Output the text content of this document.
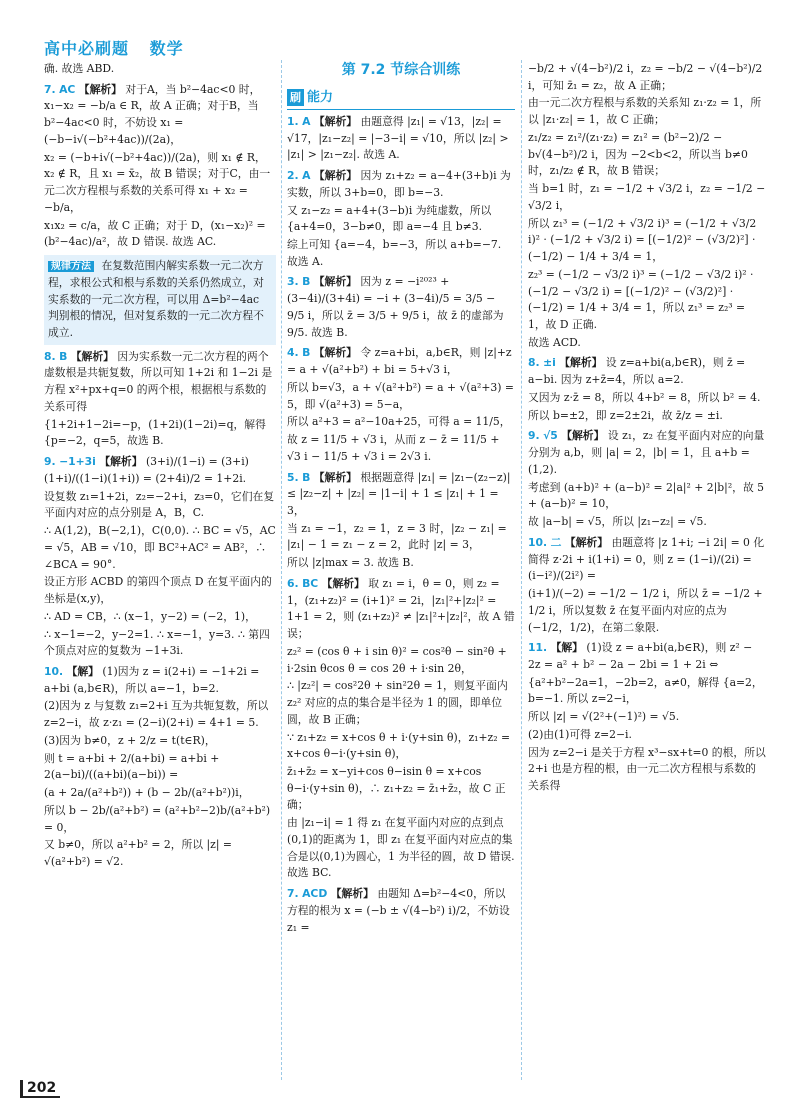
高中必刷题 数学

确. 故选 ABD.

7. AC 【解析】 对于A，当 b²−4ac<0 时，x₁−x₂ = −b/a ∈ R，故 A 正确；对于B，当 b²−4ac<0 时，不妨设 x₁ = (−b−i√(−b²+4ac))/(2a)，

x₂ = (−b+i√(−b²+4ac))/(2a)，则 x₁ ∉ R，x₂ ∉ R，且 x₁ = x̄₂，故 B 错误；对于C，由一元二次方程根与系数的关系可得 x₁ + x₂ = −b/a，

x₁x₂ = c/a，故 C 正确；对于 D，(x₁−x₂)² = (b²−4ac)/a²，故 D 错误. 故选 AC.

规律方法 在复数范围内解实系数一元二次方程，求根公式和根与系数的关系仍然成立，对实系数的一元二次方程，可以用 Δ=b²−4ac 判别根的情况，但对复系数的一元二次方程不成立.
8. B 【解析】 因为实系数一元二次方程的两个虚数根是共轭复数，所以可知 1+2i 和 1−2i 是方程 x²+px+q=0 的两个根，根据根与系数的关系可得

{1+2i+1−2i=−p，(1+2i)(1−2i)=q，解得 {p=−2，q=5，故选 B.

9. −1+3i 【解析】 (3+i)/(1−i) = (3+i)(1+i)/((1−i)(1+i)) = (2+4i)/2 = 1+2i.

设复数 z₁=1+2i，z₂=−2+i，z₃=0，它们在复平面内对应的点分别是 A，B，C.

∴ A(1,2)，B(−2,1)，C(0,0). ∴ BC = √5，AC = √5，AB = √10，即 BC²+AC² = AB²，∴ ∠BCA = 90°.

设正方形 ACBD 的第四个顶点 D 在复平面内的坐标是(x,y)，

∴ AD = CB，∴ (x−1，y−2) = (−2，1)，

∴ x−1=−2，y−2=1. ∴ x=−1，y=3. ∴ 第四个顶点对应的复数为 −1+3i.

10. 【解】 (1)因为 z = i(2+i) = −1+2i = a+bi (a,b∈R)，所以 a=−1，b=2.

(2)因为 z 与复数 z₁=2+i 互为共轭复数，所以 z=2−i，故 z·z₁ = (2−i)(2+i) = 4+1 = 5.

(3)因为 b≠0，z + 2/z = t(t∈R)，

则 t = a+bi + 2/(a+bi) = a+bi + 2(a−bi)/((a+bi)(a−bi)) =

(a + 2a/(a²+b²)) + (b − 2b/(a²+b²))i，

所以 b − 2b/(a²+b²) = (a²+b²−2)b/(a²+b²) = 0，

又 b≠0，所以 a²+b² = 2，所以 |z| = √(a²+b²) = √2.

第 7.2 节综合训练
刷 能力
1. A 【解析】 由题意得 |z₁| = √13，|z₂| = √17，|z₁−z₂| = |−3−i| = √10，所以 |z₂| > |z₁| > |z₁−z₂|. 故选 A.
2. A 【解析】 因为 z₁+z₂ = a−4+(3+b)i 为实数，所以 3+b=0，即 b=−3.

又 z₁−z₂ = a+4+(3−b)i 为纯虚数，所以 {a+4=0，3−b≠0，即 a=−4 且 b≠3.

综上可知 {a=−4，b=−3，所以 a+b=−7. 故选 A.

3. B 【解析】 因为 z = −i²⁰²³ + (3−4i)/(3+4i) = −i + (3−4i)/5 = 3/5 − 9/5 i，所以 z̄ = 3/5 + 9/5 i，故 z̄ 的虚部为 9/5. 故选 B.
4. B 【解析】 令 z=a+bi，a,b∈R，则 |z|+z = a + √(a²+b²) + bi = 5+√3 i，

所以 b=√3，a + √(a²+b²) = a + √(a²+3) = 5，即 √(a²+3) = 5−a，

所以 a²+3 = a²−10a+25，可得 a = 11/5，

故 z = 11/5 + √3 i，从而 z − z̄ = 11/5 + √3 i − 11/5 + √3 i = 2√3 i.

5. B 【解析】 根据题意得 |z₁| = |z₁−(z₂−z)| ≤ |z₂−z| + |z₂| = |1−i| + 1 ≤ |z₁| + 1 = 3，

当 z₁ = −1，z₂ = 1，z = 3 时，|z₂ − z₁| = |z₁| − 1 = z₁ − z = 2，此时 |z| = 3，

所以 |z|max = 3. 故选 B.

6. BC 【解析】 取 z₁ = i，θ = 0，则 z₂ = 1，(z₁+z₂)² = (i+1)² = 2i，|z₁|²+|z₂|² = 1+1 = 2，则 (z₁+z₂)² ≠ |z₁|²+|z₂|²，故 A 错误；

z₂² = (cos θ + i sin θ)² = cos²θ − sin²θ + i·2sin θcos θ = cos 2θ + i·sin 2θ，

∴ |z₂²| = cos²2θ + sin²2θ = 1，则复平面内 z₂² 对应的点的集合是半径为 1 的圆，即单位圆，故 B 正确；

∵ z₁+z₂ = x+cos θ + i·(y+sin θ)，z₁+z₂ = x+cos θ−i·(y+sin θ)，

z̄₁+z̄₂ = x−yi+cos θ−isin θ = x+cos θ−i·(y+sin θ)，∴ z₁+z₂ = z̄₁+z̄₂，故 C 正确；

由 |z₁−i| = 1 得 z₁ 在复平面内对应的点到点(0,1)的距离为 1，即 z₁ 在复平面内对应点的集合是以(0,1)为圆心，1 为半径的圆，故 D 错误. 故选 BC.

7. ACD 【解析】 由题知 Δ=b²−4<0，所以方程的根为 x = (−b ± √(4−b²) i)/2，不妨设 z₁ =

−b/2 + √(4−b²)/2 i，z₂ = −b/2 − √(4−b²)/2 i，可知 z̄₁ = z₂，故 A 正确；

由一元二次方程根与系数的关系知 z₁·z₂ = 1，所以 |z₁·z₂| = 1，故 C 正确；

z₁/z₂ = z₁²/(z₁·z₂) = z₁² = (b²−2)/2 − b√(4−b²)/2 i，因为 −2<b<2，所以当 b≠0 时，z₁/z₂ ∉ R，故 B 错误；

当 b=1 时，z₁ = −1/2 + √3/2 i，z₂ = −1/2 − √3/2 i，

所以 z₁³ = (−1/2 + √3/2 i)³ = (−1/2 + √3/2 i)² · (−1/2 + √3/2 i) = [(−1/2)² − (√3/2)²] · (−1/2) − 1/4 + 3/4 = 1，

z₂³ = (−1/2 − √3/2 i)³ = (−1/2 − √3/2 i)² · (−1/2 − √3/2 i) = [(−1/2)² − (√3/2)²] · (−1/2) = 1/4 + 3/4 = 1，所以 z₁³ = z₂³ = 1，故 D 正确.

故选 ACD.

8. ±i 【解析】 设 z=a+bi(a,b∈R)，则 z̄ = a−bi. 因为 z+z̄=4，所以 a=2.

又因为 z·z̄ = 8，所以 4+b² = 8，所以 b² = 4.

所以 b=±2，即 z=2±2i，故 z̄/z = ±i.

9. √5 【解析】 设 z₁，z₂ 在复平面内对应的向量分别为 a,b，则 |a| = 2，|b| = 1，且 a+b = (1,2).

考虑到 (a+b)² + (a−b)² = 2|a|² + 2|b|²，故 5 + (a−b)² = 10，

故 |a−b| = √5，所以 |z₁−z₂| = √5.

10. 二 【解析】 由题意将 |z 1+i; −i 2i| = 0 化简得 z·2i + i(1+i) = 0，则 z = (1−i)/(2i) = (i−i²)/(2i²) =

(i+1)/(−2) = −1/2 − 1/2 i，所以 z̄ = −1/2 + 1/2 i，所以复数 z̄ 在复平面内对应的点为 (−1/2，1/2)，在第二象限.

11. 【解】 (1)设 z = a+bi(a,b∈R)，则 z² − 2z = a² + b² − 2a − 2bi = 1 + 2i ⇔

{a²+b²−2a=1，−2b=2，a≠0，解得 {a=2，b=−1. 所以 z=2−i，

所以 |z| = √(2²+(−1)²) = √5.

(2)由(1)可得 z=2−i.

因为 z=2−i 是关于方程 x³−sx+t=0 的根，所以 2+i 也是方程的根，由一元二次方程根与系数的关系得

202
